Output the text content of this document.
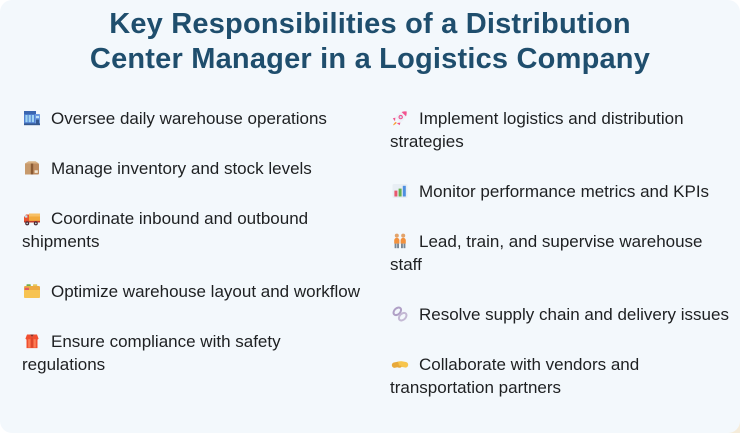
Key Responsibilities of a Distribution
Center Manager in a Logistics Company
Oversee daily warehouse operations
Manage inventory and stock levels
Coordinate inbound and outbound shipments
Optimize warehouse layout and workflow
Ensure compliance with safety regulations
Implement logistics and distribution strategies
Monitor performance metrics and KPIs
Lead, train, and supervise warehouse staff
Resolve supply chain and delivery issues
Collaborate with vendors and transportation partners
